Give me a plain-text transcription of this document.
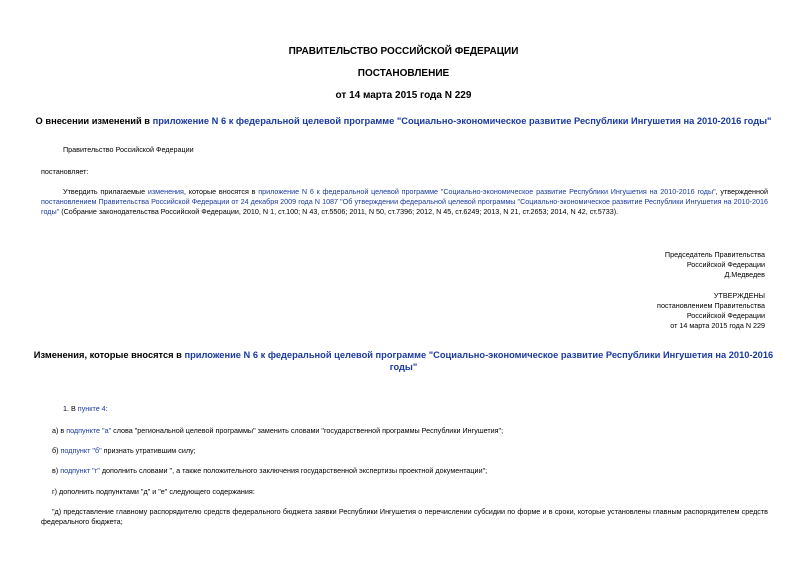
ПРАВИТЕЛЬСТВО РОССИЙСКОЙ ФЕДЕРАЦИИ
ПОСТАНОВЛЕНИЕ
от 14 марта 2015 года N 229
О внесении изменений в приложение N 6 к федеральной целевой программе "Социально-экономическое развитие Республики Ингушетия на 2010-2016 годы"
Правительство Российской Федерации
постановляет:
Утвердить прилагаемые изменения, которые вносятся в приложение N 6 к федеральной целевой программе "Социально-экономическое развитие Республики Ингушетия на 2010-2016 годы", утвержденной постановлением Правительства Российской Федерации от 24 декабря 2009 года N 1087 "Об утверждении федеральной целевой программы "Социально-экономическое развитие Республики Ингушетия на 2010-2016 годы" (Собрание законодательства Российской Федерации, 2010, N 1, ст.100; N 43, ст.5506; 2011, N 50, ст.7396; 2012, N 45, ст.6249; 2013, N 21, ст.2653; 2014, N 42, ст.5733).
Председатель Правительства
Российской Федерации
Д.Медведев
УТВЕРЖДЕНЫ
постановлением Правительства
Российской Федерации
от 14 марта 2015 года N 229
Изменения, которые вносятся в приложение N 6 к федеральной целевой программе "Социально-экономическое развитие Республики Ингушетия на 2010-2016
годы"
1. В пункте 4:
а) в подпункте "а" слова "региональной целевой программы" заменить словами "государственной программы Республики Ингушетия";
б) подпункт "б" признать утратившим силу;
в) подпункт "г" дополнить словами ", а также положительного заключения государственной экспертизы проектной документации";
г) дополнить подпунктами "д" и "е" следующего содержания:
"д) представление главному распорядителю средств федерального бюджета заявки Республики Ингушетия о перечислении субсидии по форме и в сроки, которые установлены главным распорядителем средств федерального бюджета;
